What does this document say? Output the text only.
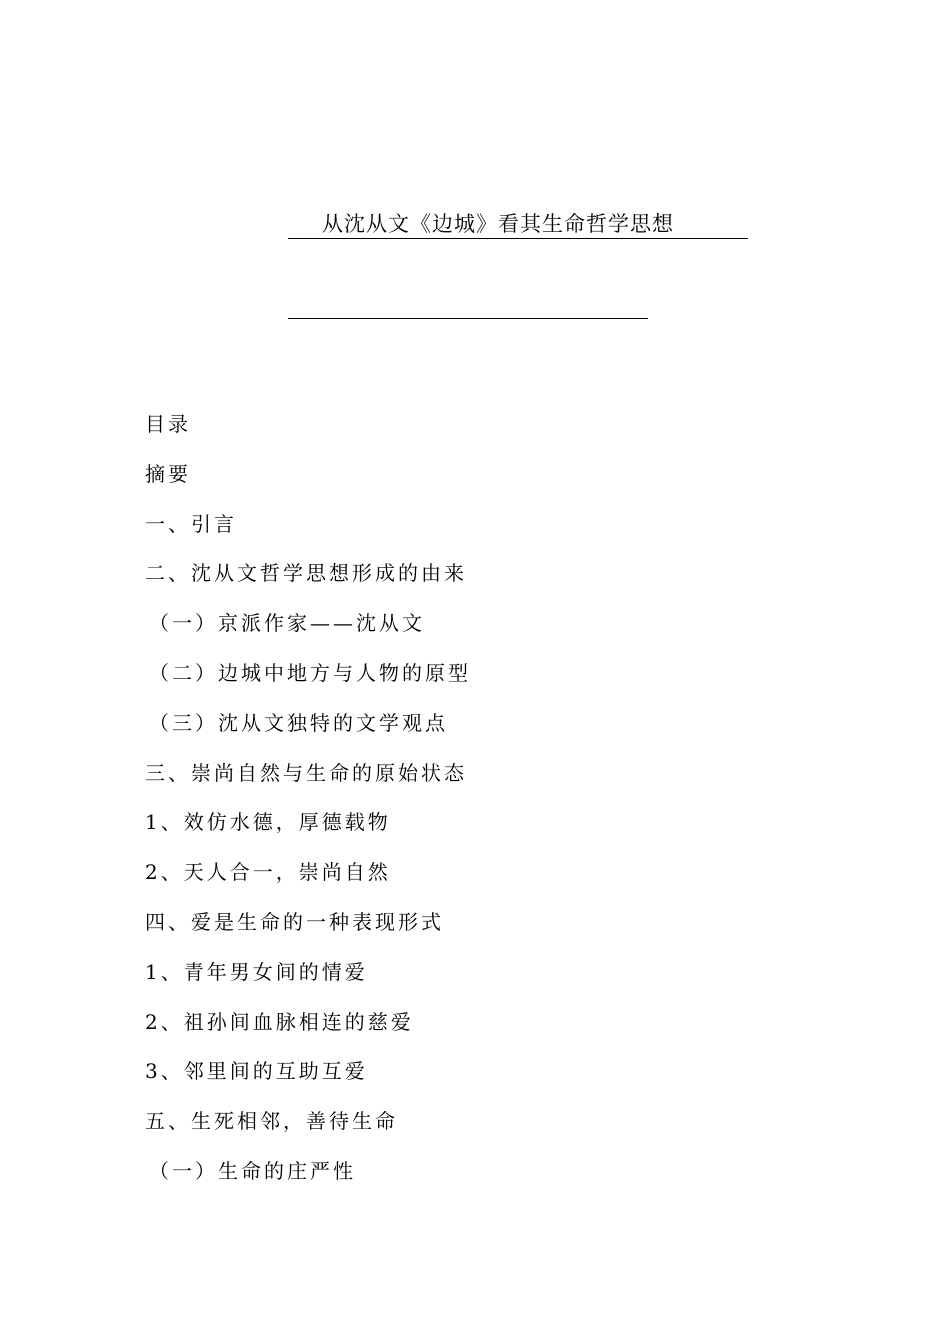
从沈从文《边城》看其生命哲学思想
目录
摘要
一、引言
二、沈从文哲学思想形成的由来
（一）京派作家——沈从文
（二）边城中地方与人物的原型
（三）沈从文独特的文学观点
三、崇尚自然与生命的原始状态
1、效仿水德，厚德载物
2、天人合一，崇尚自然
四、爱是生命的一种表现形式
1、青年男女间的情爱
2、祖孙间血脉相连的慈爱
3、邻里间的互助互爱
五、生死相邻，善待生命
（一）生命的庄严性
